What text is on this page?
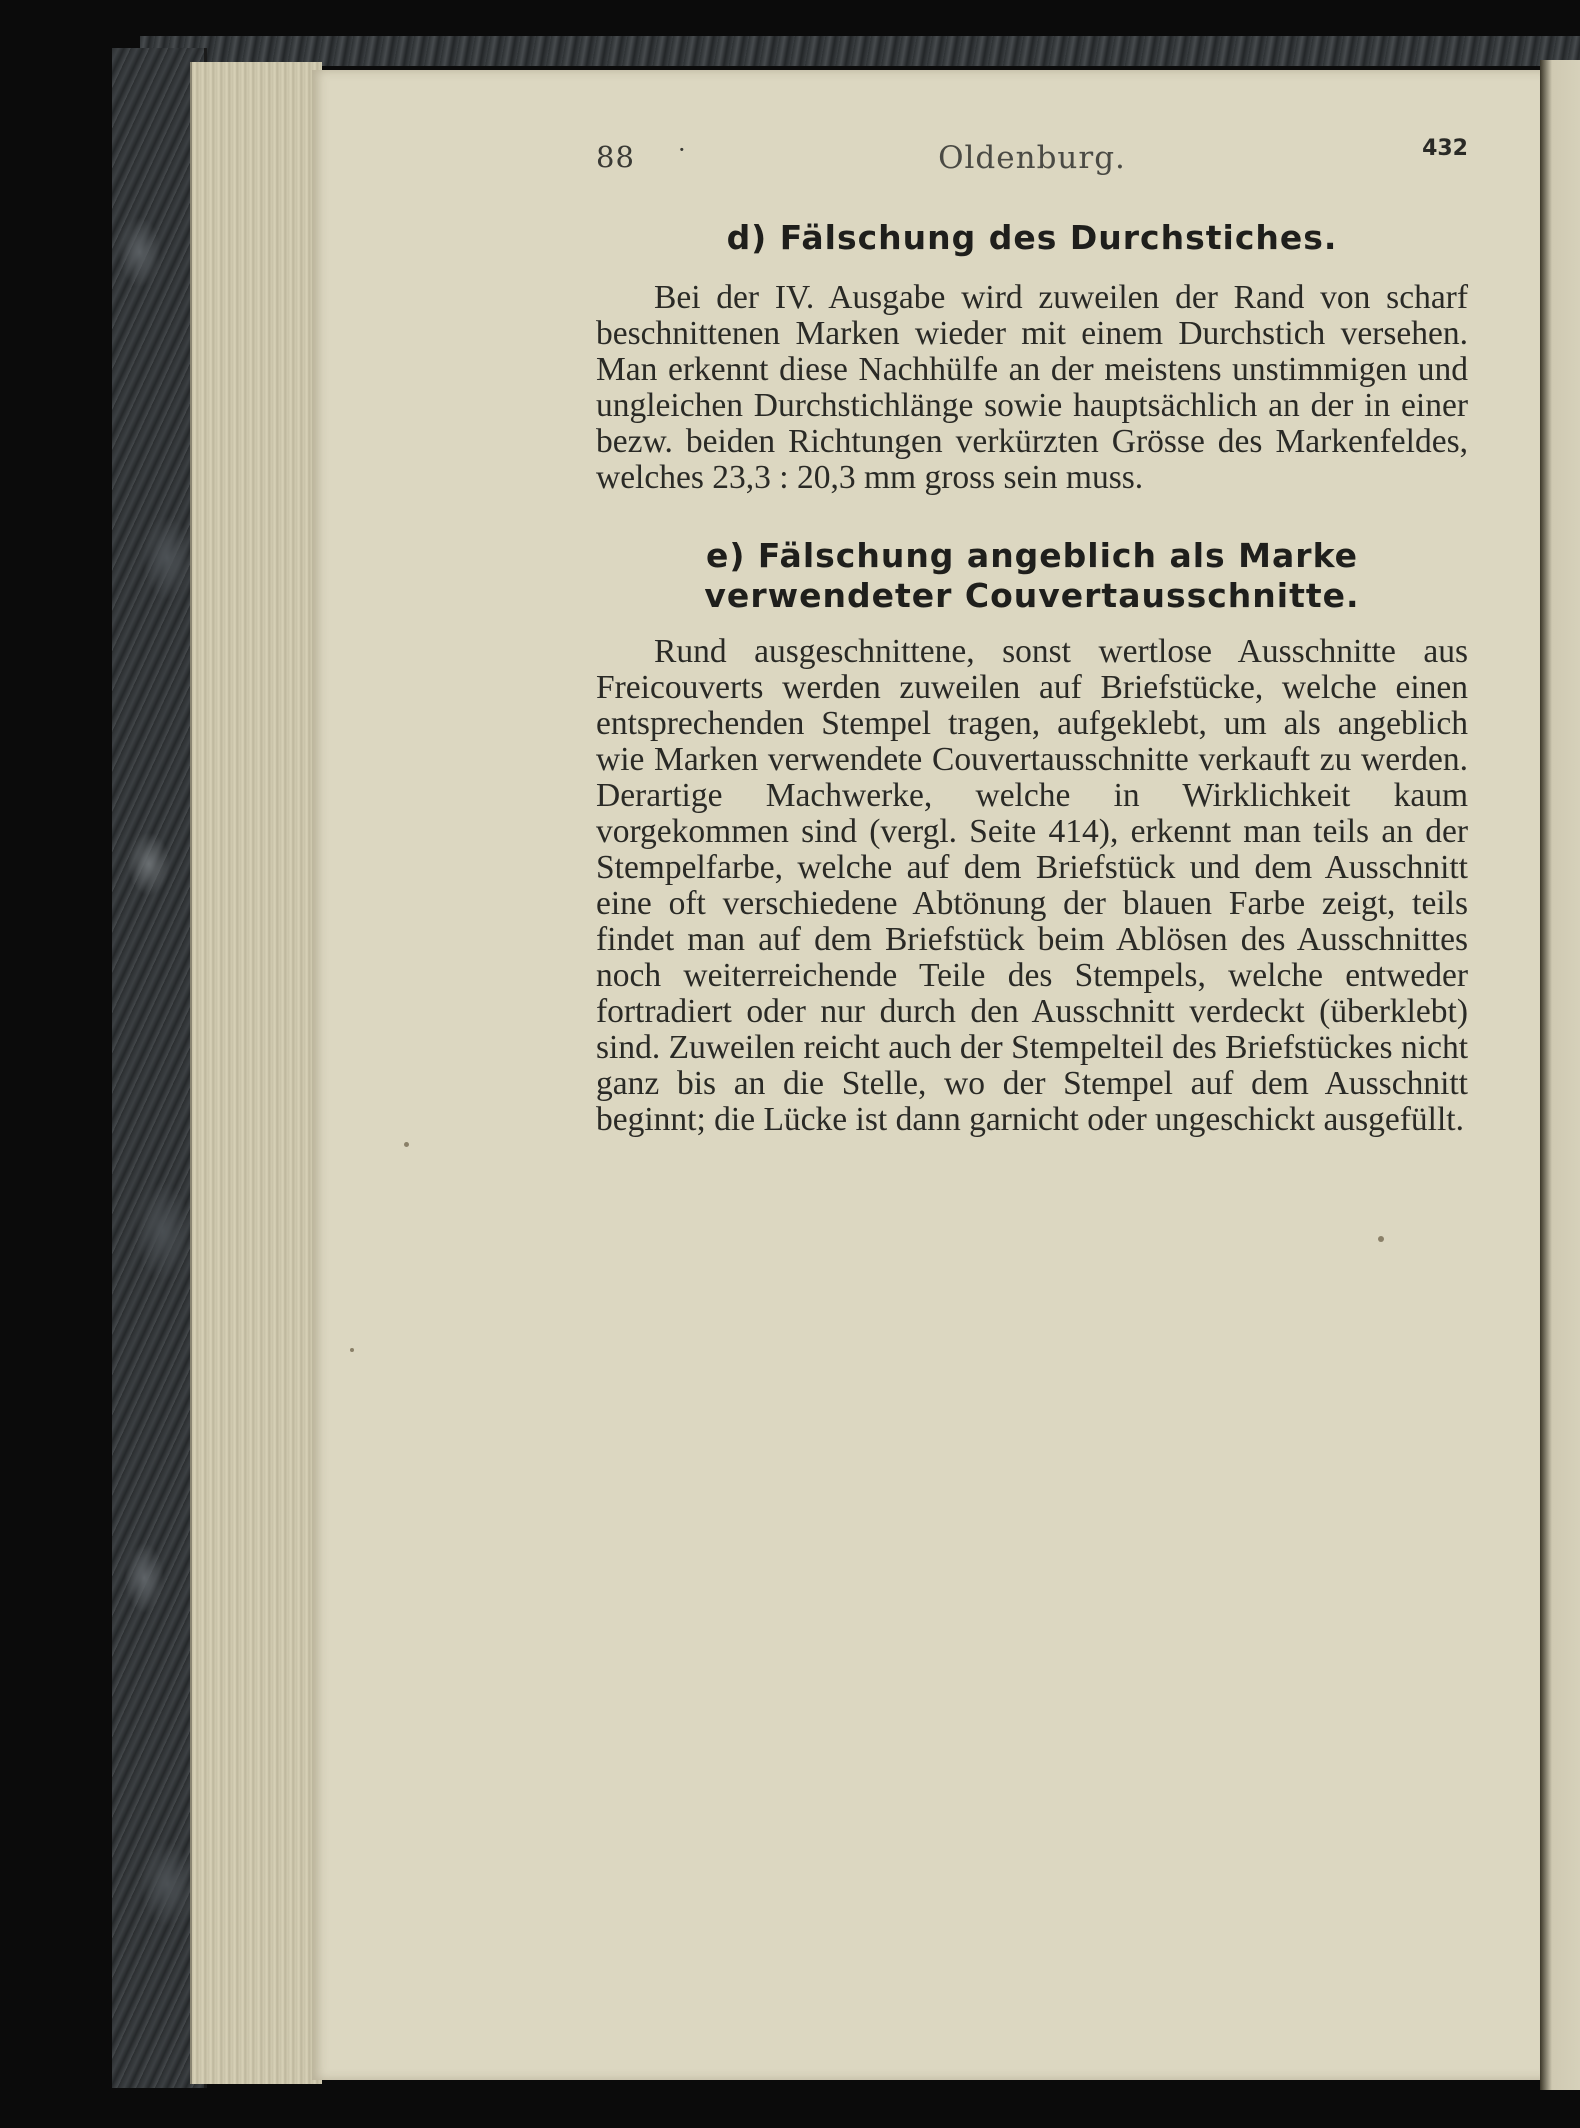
88 ·	Oldenburg.	432
d) Fälschung des Durchstiches.

Bei der IV. Ausgabe wird zuweilen der Rand von scharf beschnittenen Marken wieder mit einem Durchstich versehen. Man erkennt diese Nachhülfe an der meistens unstimmigen und ungleichen Durchstichlänge sowie hauptsächlich an der in einer bezw. beiden Richtungen verkürzten Grösse des Markenfeldes, welches 23,3 : 20,3 mm gross sein muss.

e) Fälschung angeblich als Marke verwendeter Couvertausschnitte.

Rund ausgeschnittene, sonst wertlose Ausschnitte aus Freicouverts werden zuweilen auf Briefstücke, welche einen entsprechenden Stempel tragen, aufgeklebt, um als angeblich wie Marken verwendete Couvertausschnitte verkauft zu werden. Derartige Machwerke, welche in Wirklichkeit kaum vorgekommen sind (vergl. Seite 414), erkennt man teils an der Stempelfarbe, welche auf dem Briefstück und dem Ausschnitt eine oft verschiedene Abtönung der blauen Farbe zeigt, teils findet man auf dem Briefstück beim Ablösen des Ausschnittes noch weiterreichende Teile des Stempels, welche entweder fortradiert oder nur durch den Ausschnitt verdeckt (überklebt) sind. Zuweilen reicht auch der Stempelteil des Briefstückes nicht ganz bis an die Stelle, wo der Stempel auf dem Ausschnitt beginnt; die Lücke ist dann garnicht oder ungeschickt ausgefüllt.
